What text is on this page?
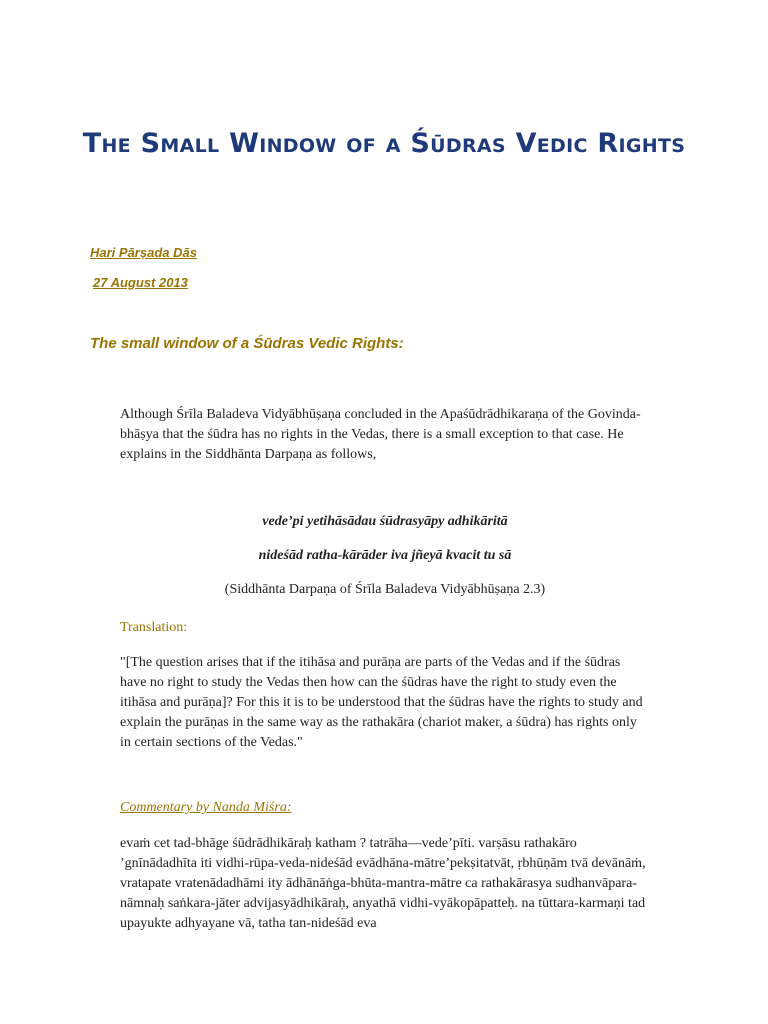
The Small Window of a Śūdras Vedic Rights
Hari Pārṣada Dās
27 August 2013
The small window of a Śūdras Vedic Rights:
Although Śrīla Baladeva Vidyābhūṣaṇa concluded in the Apaśūdrādhikaraṇa of the Govinda-bhāṣya that the śūdra has no rights in the Vedas, there is a small exception to that case. He explains in the Siddhānta Darpaṇa as follows,
vede’pi yetihāsādau śūdrasyāpy adhikāritā
nideśād ratha-kārāder iva jñeyā kvacit tu sā
(Siddhānta Darpaṇa of Śrīla Baladeva Vidyābhūṣaṇa 2.3)
Translation:
"[The question arises that if the itihāsa and purāṇa are parts of the Vedas and if the śūdras have no right to study the Vedas then how can the śūdras have the right to study even the itihāsa and purāṇa]? For this it is to be understood that the śūdras have the rights to study and explain the purāṇas in the same way as the rathakāra (chariot maker, a śūdra) has rights only in certain sections of the Vedas."
Commentary by Nanda Miśra:
evaṁ cet tad-bhāge śūdrādhikāraḥ katham ? tatrāha—vede’pīti. varṣāsu rathakāro ’gnīnādadhīta iti vidhi-rūpa-veda-nideśād evādhāna-mātre’pekṣitatvāt, ṛbhūṇām tvā devānāṁ, vratapate vratenādadhāmi ity ādhānāṅga-bhūta-mantra-mātre ca rathakārasya sudhanvāpara-nāmnaḥ saṅkara-jāter advijasyādhikāraḥ, anyathā vidhi-vyākopāpatteḥ. na tūttara-karmaṇi tad upayukte adhyayane vā, tatha tan-nideśād eva
